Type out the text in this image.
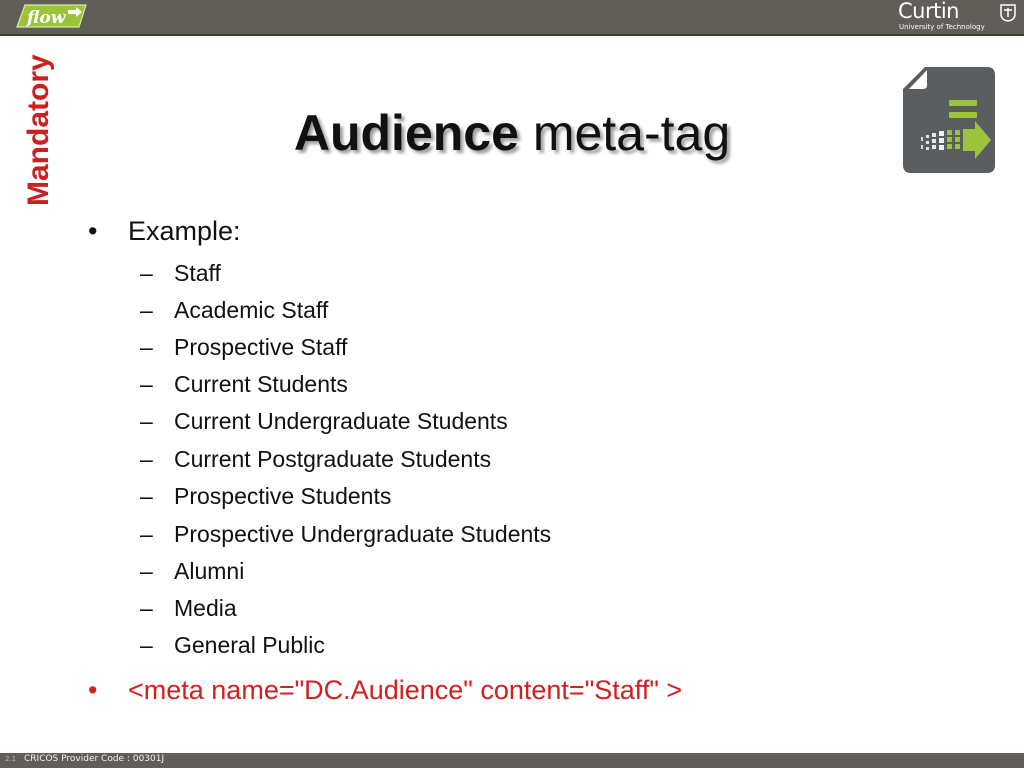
flow	Curtin
University of Technology
Mandatory	Audience meta-tag
• Example:
– Staff
– Academic Staff
– Prospective Staff
– Current Students
– Current Undergraduate Students
– Current Postgraduate Students
– Prospective Students
– Prospective Undergraduate Students
– Alumni
– Media
– General Public
• <meta name="DC.Audience" content="Staff" >
2.1 CRICOS Provider Code : 00301J
